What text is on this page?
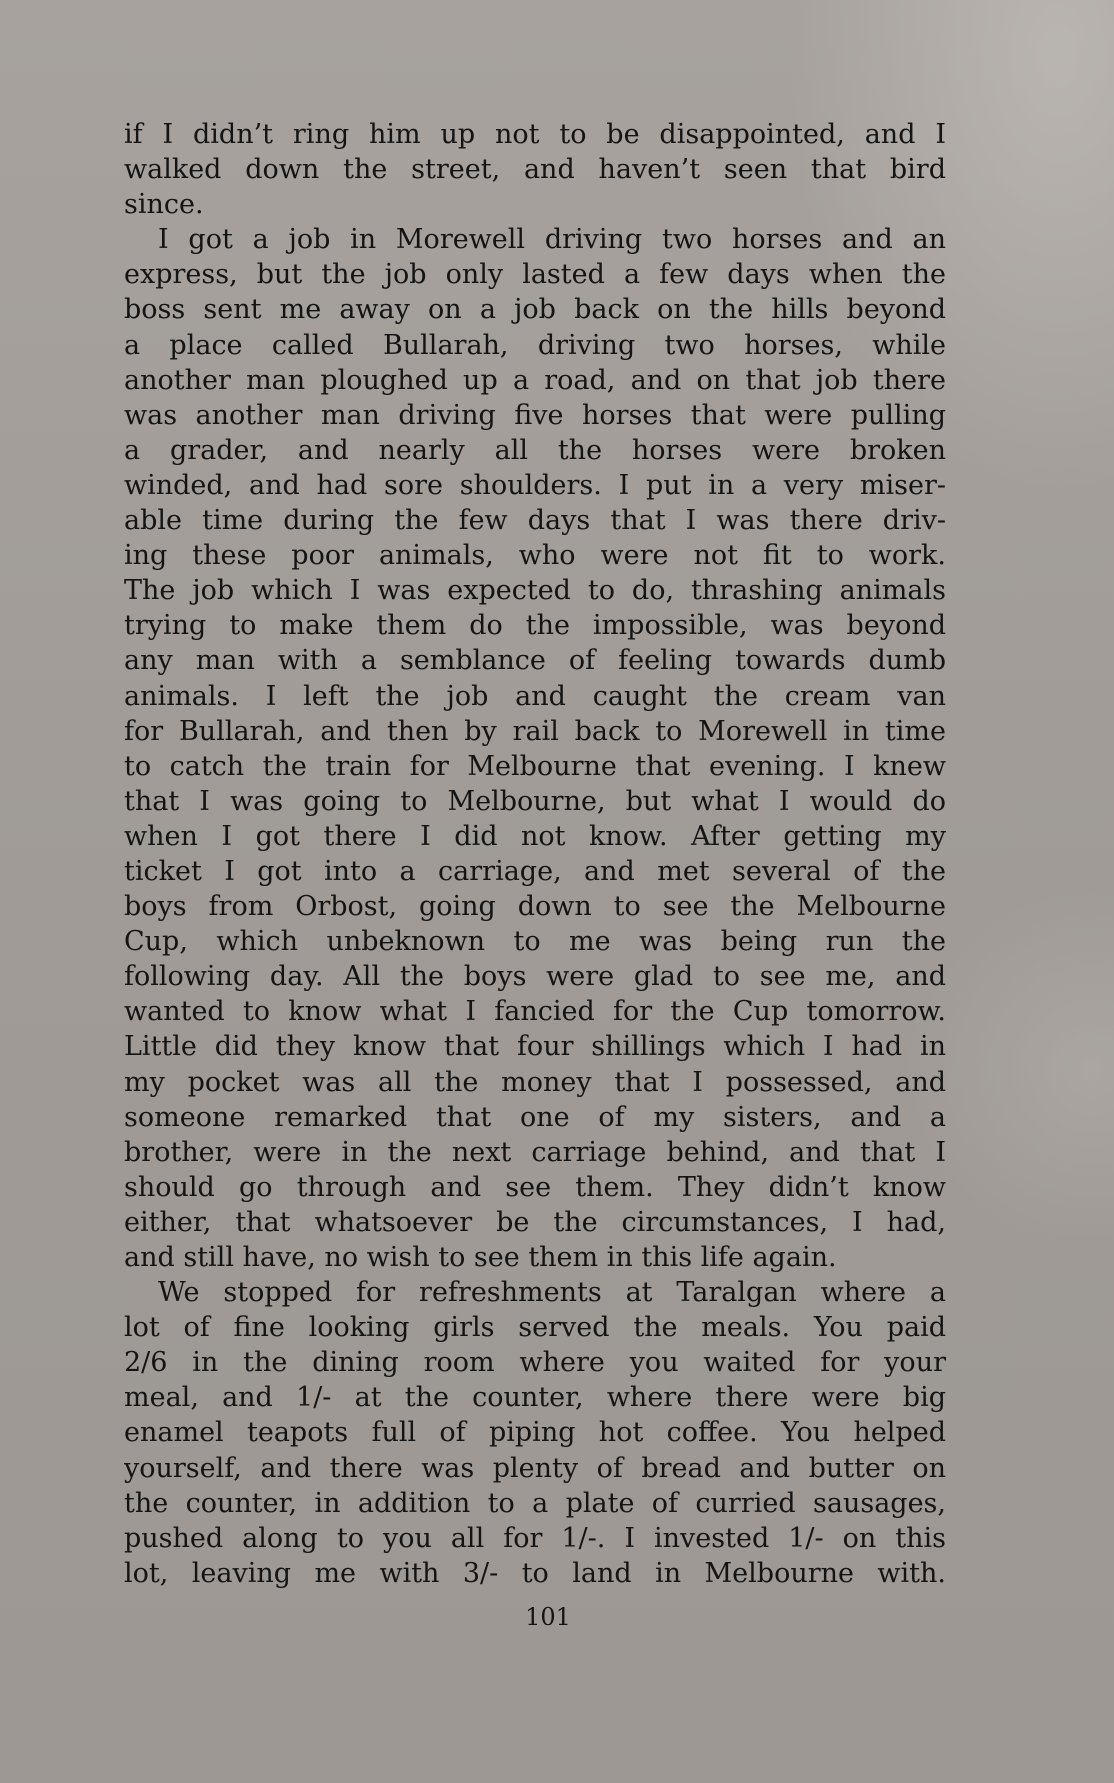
if I didn’t ring him up not to be disappointed, and I
walked down the street, and haven’t seen that bird
since.
I got a job in Morewell driving two horses and an
express, but the job only lasted a few days when the
boss sent me away on a job back on the hills beyond
a place called Bullarah, driving two horses, while
another man ploughed up a road, and on that job there
was another man driving five horses that were pulling
a grader, and nearly all the horses were broken
winded, and had sore shoulders. I put in a very miser-
able time during the few days that I was there driv-
ing these poor animals, who were not fit to work.
The job which I was expected to do, thrashing animals
trying to make them do the impossible, was beyond
any man with a semblance of feeling towards dumb
animals. I left the job and caught the cream van
for Bullarah, and then by rail back to Morewell in time
to catch the train for Melbourne that evening. I knew
that I was going to Melbourne, but what I would do
when I got there I did not know. After getting my
ticket I got into a carriage, and met several of the
boys from Orbost, going down to see the Melbourne
Cup, which unbeknown to me was being run the
following day. All the boys were glad to see me, and
wanted to know what I fancied for the Cup tomorrow.
Little did they know that four shillings which I had in
my pocket was all the money that I possessed, and
someone remarked that one of my sisters, and a
brother, were in the next carriage behind, and that I
should go through and see them. They didn’t know
either, that whatsoever be the circumstances, I had,
and still have, no wish to see them in this life again.
We stopped for refreshments at Taralgan where a
lot of fine looking girls served the meals. You paid
2/6 in the dining room where you waited for your
meal, and 1/- at the counter, where there were big
enamel teapots full of piping hot coffee. You helped
yourself, and there was plenty of bread and butter on
the counter, in addition to a plate of curried sausages,
pushed along to you all for 1/-. I invested 1/- on this
lot, leaving me with 3/- to land in Melbourne with.
101
